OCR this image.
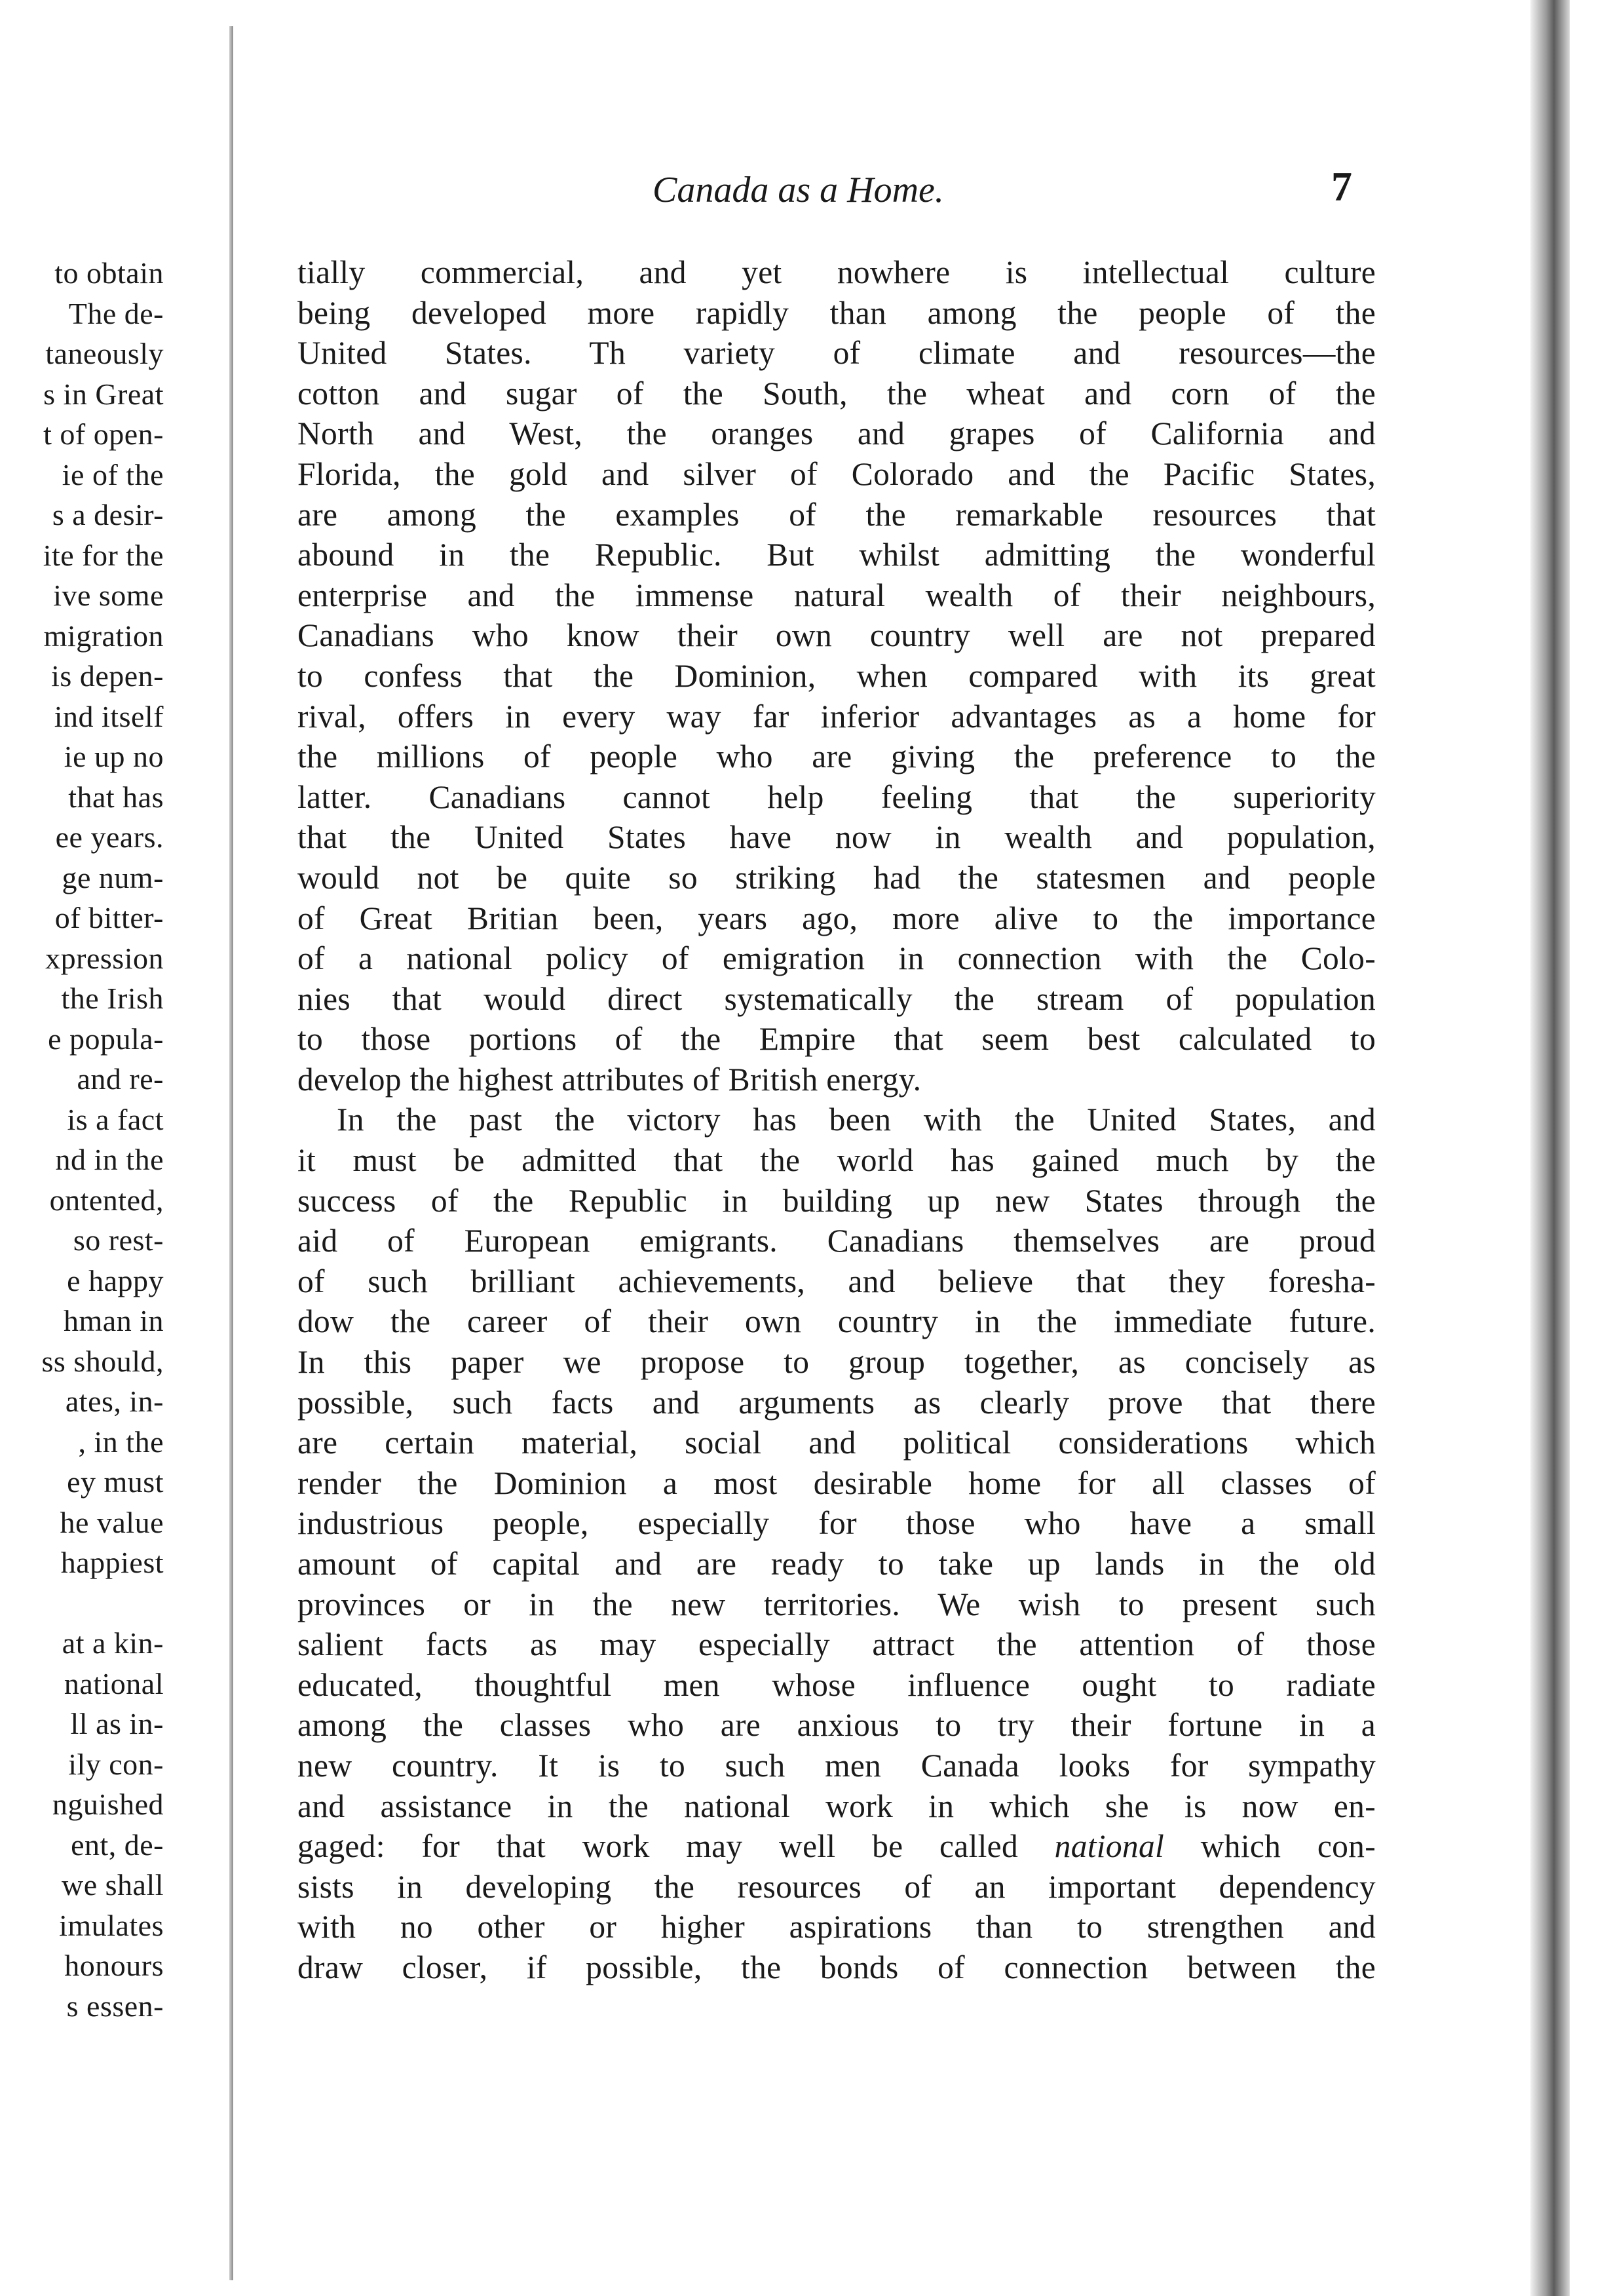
to obtain
The de-
taneously
s in Great
t of open-
ie of the
s a desir-
ite for the
ive some
migration
is depen-
ind itself
ie up no
that has
ee years.
ge num-
of bitter-
xpression
the Irish
e popula-
and re-
is a fact
nd in the
ontented,
so rest-
e happy
hman in
ss should,
ates, in-
, in the
ey must
he value
happiest
at a kin-
national
ll as in-
ily con-
nguished
ent, de-
we shall
imulates
honours
s essen-
Canada as a Home.	7
tially commercial, and yet nowhere is intellectual culture
being developed more rapidly than among the people of the
United States. Th variety of climate and resources—the
cotton and sugar of the South, the wheat and corn of the
North and West, the oranges and grapes of California and
Florida, the gold and silver of Colorado and the Pacific States,
are among the examples of the remarkable resources that
abound in the Republic. But whilst admitting the wonderful
enterprise and the immense natural wealth of their neighbours,
Canadians who know their own country well are not prepared
to confess that the Dominion, when compared with its great
rival, offers in every way far inferior advantages as a home for
the millions of people who are giving the preference to the
latter. Canadians cannot help feeling that the superiority
that the United States have now in wealth and population,
would not be quite so striking had the statesmen and people
of Great Britian been, years ago, more alive to the importance
of a national policy of emigration in connection with the Colo-
nies that would direct systematically the stream of population
to those portions of the Empire that seem best calculated to
develop the highest attributes of British energy.
In the past the victory has been with the United States, and
it must be admitted that the world has gained much by the
success of the Republic in building up new States through the
aid of European emigrants. Canadians themselves are proud
of such brilliant achievements, and believe that they foresha-
dow the career of their own country in the immediate future.
In this paper we propose to group together, as concisely as
possible, such facts and arguments as clearly prove that there
are certain material, social and political considerations which
render the Dominion a most desirable home for all classes of
industrious people, especially for those who have a small
amount of capital and are ready to take up lands in the old
provinces or in the new territories. We wish to present such
salient facts as may especially attract the attention of those
educated, thoughtful men whose influence ought to radiate
among the classes who are anxious to try their fortune in a
new country. It is to such men Canada looks for sympathy
and assistance in the national work in which she is now en-
gaged: for that work may well be called national which con-
sists in developing the resources of an important dependency
with no other or higher aspirations than to strengthen and
draw closer, if possible, the bonds of connection between the
